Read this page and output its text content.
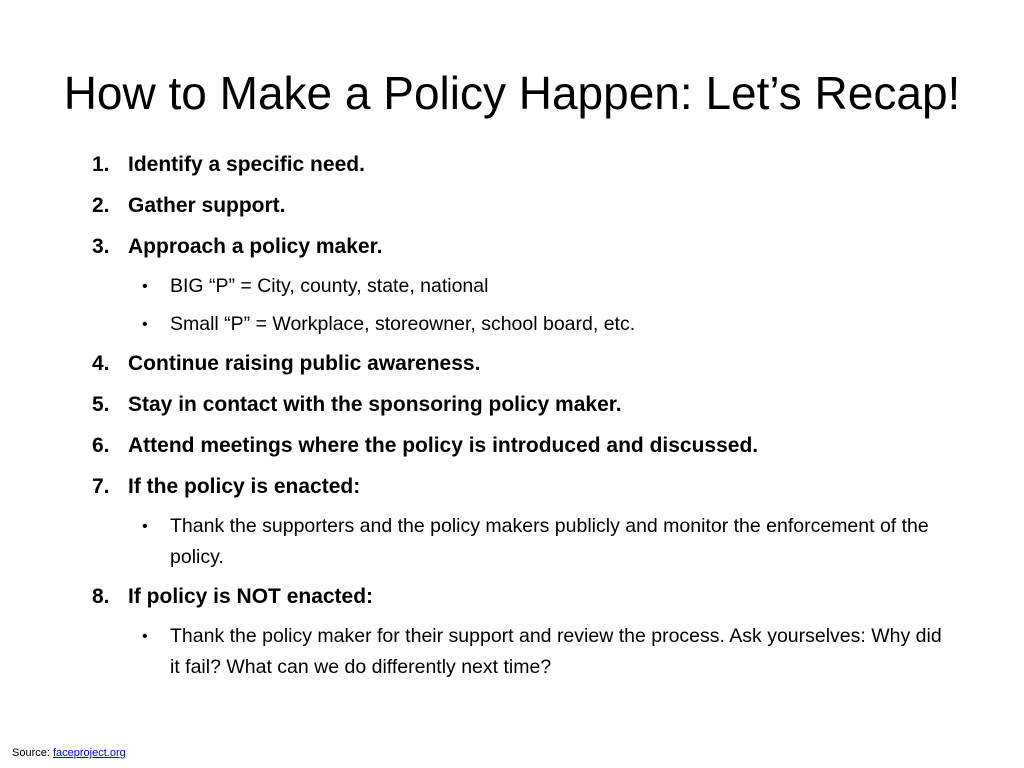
How to Make a Policy Happen: Let’s Recap!
1. Identify a specific need.
2. Gather support.
3. Approach a policy maker.
• BIG “P” = City, county, state, national
• Small “P” = Workplace, storeowner, school board, etc.
4. Continue raising public awareness.
5. Stay in contact with the sponsoring policy maker.
6. Attend meetings where the policy is introduced and discussed.
7. If the policy is enacted:
• Thank the supporters and the policy makers publicly and monitor the enforcement of the policy.
8. If policy is NOT enacted:
• Thank the policy maker for their support and review the process. Ask yourselves: Why did it fail? What can we do differently next time?
Source: faceproject.org
